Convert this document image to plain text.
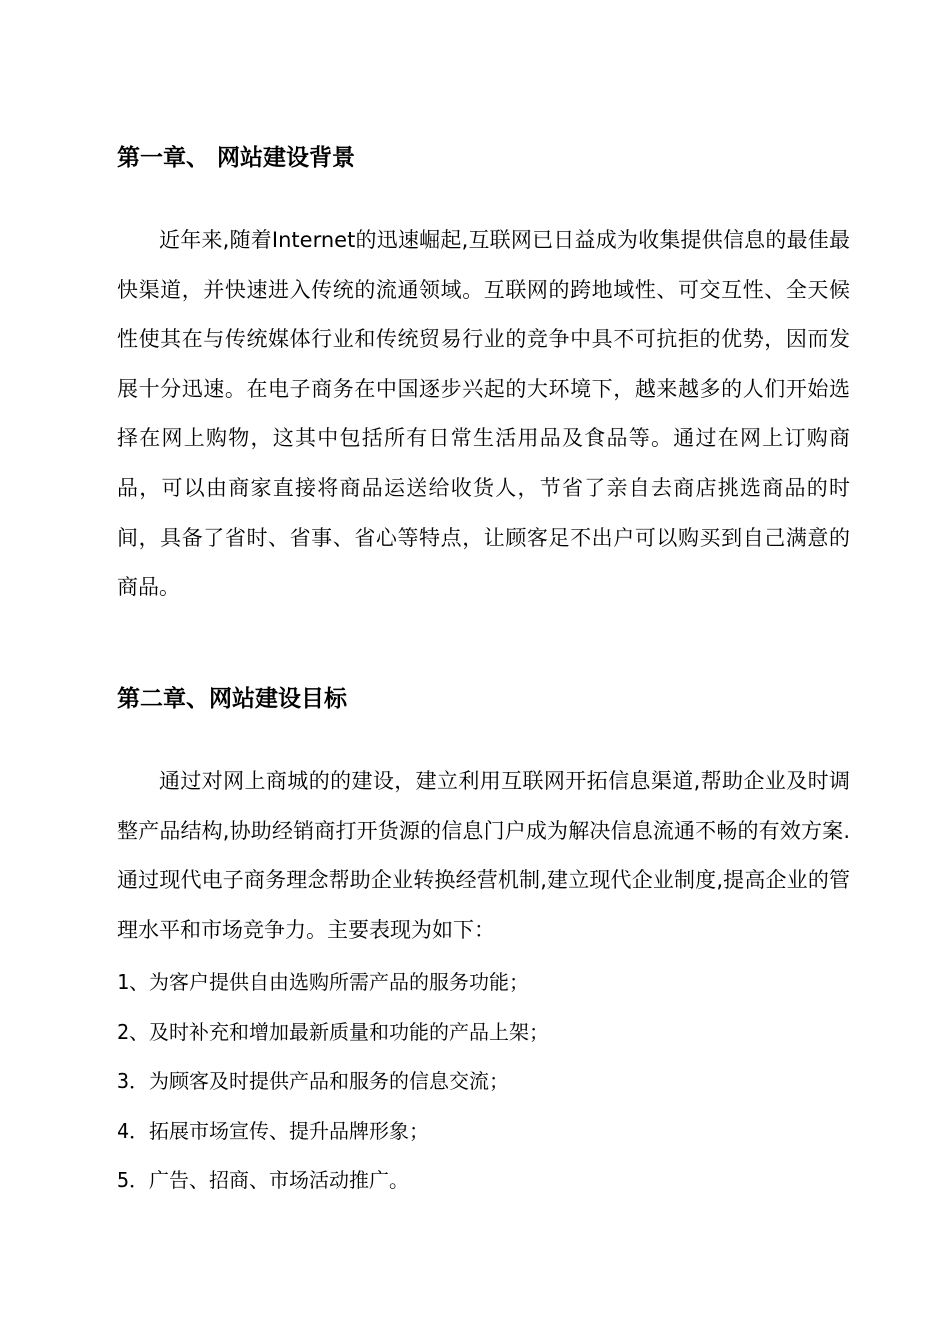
第一章、 网站建设背景

近年来,随着Internet的迅速崛起,互联网已日益成为收集提供信息的最佳最快渠道，并快速进入传统的流通领域。互联网的跨地域性、可交互性、全天候性使其在与传统媒体行业和传统贸易行业的竞争中具不可抗拒的优势，因而发展十分迅速。在电子商务在中国逐步兴起的大环境下，越来越多的人们开始选择在网上购物，这其中包括所有日常生活用品及食品等。通过在网上订购商品，可以由商家直接将商品运送给收货人，节省了亲自去商店挑选商品的时间，具备了省时、省事、省心等特点，让顾客足不出户可以购买到自己满意的商品。

第二章、网站建设目标

通过对网上商城的的建设，建立利用互联网开拓信息渠道,帮助企业及时调整产品结构,协助经销商打开货源的信息门户成为解决信息流通不畅的有效方案.通过现代电子商务理念帮助企业转换经营机制,建立现代企业制度,提高企业的管理水平和市场竞争力。主要表现为如下：

1、为客户提供自由选购所需产品的服务功能；
2、及时补充和增加最新质量和功能的产品上架；
3．为顾客及时提供产品和服务的信息交流；
4．拓展市场宣传、提升品牌形象；
5．广告、招商、市场活动推广。
